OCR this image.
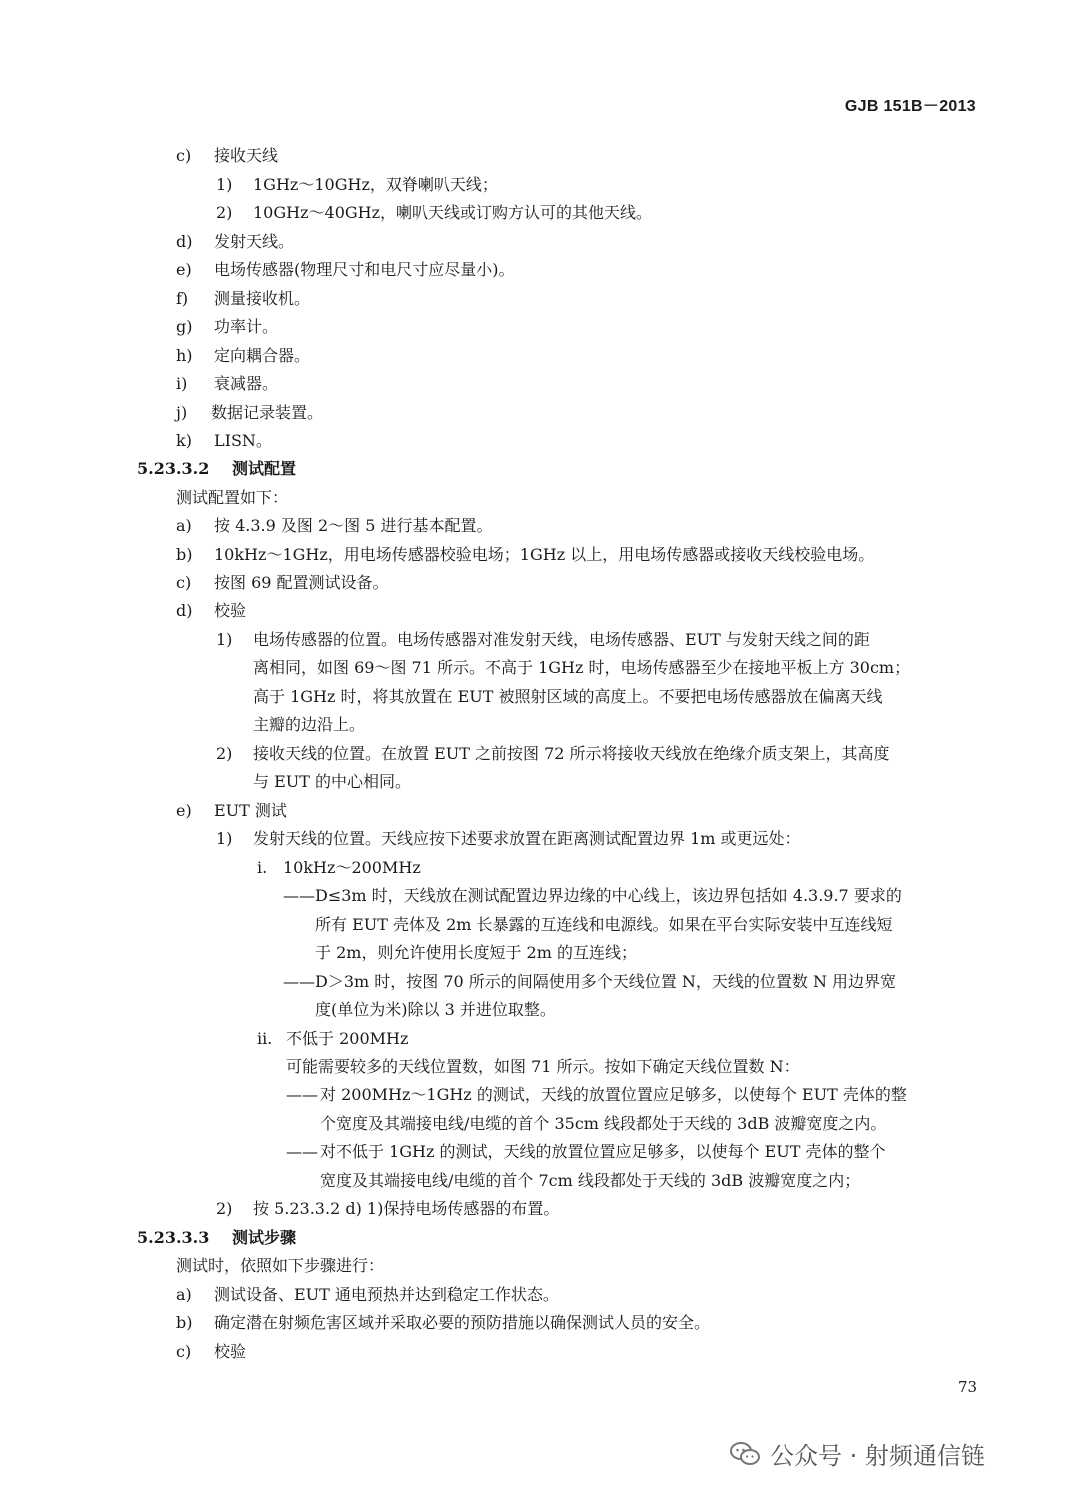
GJB 151B－2013
c) 接收天线
1) 1GHz～10GHz，双脊喇叭天线；
2) 10GHz～40GHz，喇叭天线或订购方认可的其他天线。
d) 发射天线。
e) 电场传感器(物理尺寸和电尺寸应尽量小)。
f) 测量接收机。
g) 功率计。
h) 定向耦合器。
i) 衰减器。
j) 数据记录装置。
k) LISN。
5.23.3.2 测试配置
测试配置如下：
a) 按 4.3.9 及图 2～图 5 进行基本配置。
b) 10kHz～1GHz，用电场传感器校验电场；1GHz 以上，用电场传感器或接收天线校验电场。
c) 按图 69 配置测试设备。
d) 校验
1) 电场传感器的位置。电场传感器对准发射天线，电场传感器、EUT 与发射天线之间的距
离相同，如图 69～图 71 所示。不高于 1GHz 时，电场传感器至少在接地平板上方 30cm；
高于 1GHz 时，将其放置在 EUT 被照射区域的高度上。不要把电场传感器放在偏离天线
主瓣的边沿上。
2) 接收天线的位置。在放置 EUT 之前按图 72 所示将接收天线放在绝缘介质支架上，其高度
与 EUT 的中心相同。
e) EUT 测试
1) 发射天线的位置。天线应按下述要求放置在距离测试配置边界 1m 或更远处：
i. 10kHz～200MHz
——D≤3m 时，天线放在测试配置边界边缘的中心线上，该边界包括如 4.3.9.7 要求的
所有 EUT 壳体及 2m 长暴露的互连线和电源线。如果在平台实际安装中互连线短
于 2m，则允许使用长度短于 2m 的互连线；
——D＞3m 时，按图 70 所示的间隔使用多个天线位置 N，天线的位置数 N 用边界宽
度(单位为米)除以 3 并进位取整。
ii. 不低于 200MHz
可能需要较多的天线位置数，如图 71 所示。按如下确定天线位置数 N：
—— 对 200MHz～1GHz 的测试，天线的放置位置应足够多，以使每个 EUT 壳体的整
个宽度及其端接电线/电缆的首个 35cm 线段都处于天线的 3dB 波瓣宽度之内。
—— 对不低于 1GHz 的测试，天线的放置位置应足够多，以使每个 EUT 壳体的整个
宽度及其端接电线/电缆的首个 7cm 线段都处于天线的 3dB 波瓣宽度之内；
2) 按 5.23.3.2 d) 1)保持电场传感器的布置。
5.23.3.3 测试步骤
测试时，依照如下步骤进行：
a) 测试设备、EUT 通电预热并达到稳定工作状态。
b) 确定潜在射频危害区域并采取必要的预防措施以确保测试人员的安全。
c) 校验
73
公众号 · 射频通信链
